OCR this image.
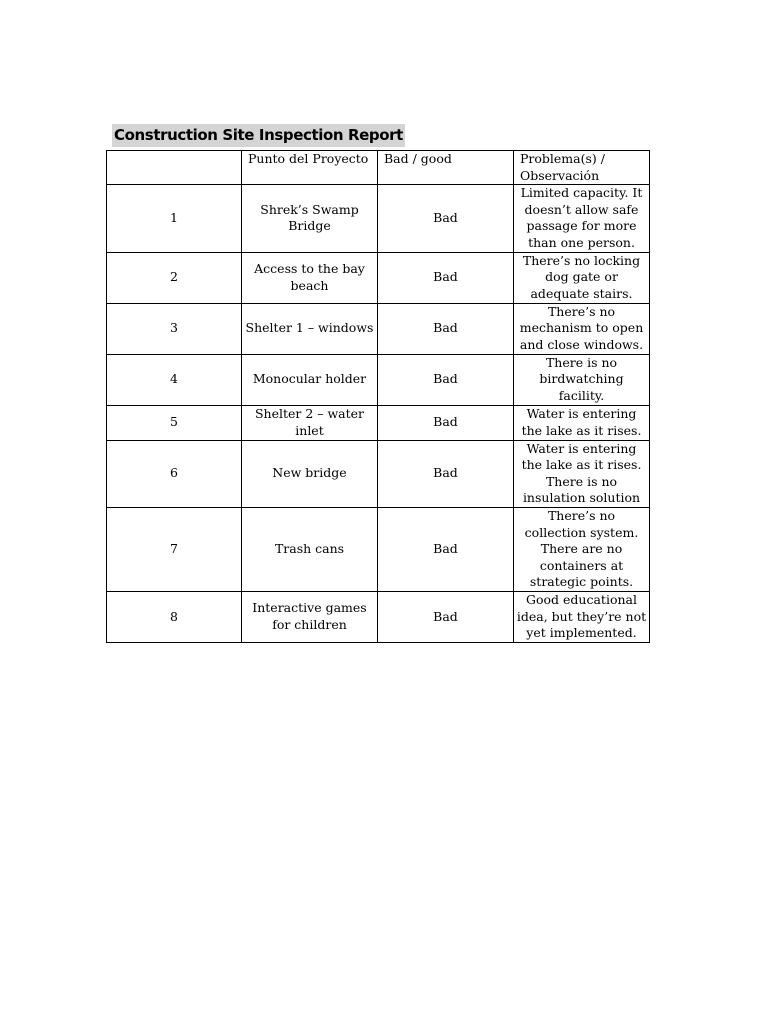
Construction Site Inspection Report
	Punto del Proyecto	Bad / good	Problema(s) / Observación
1	Shrek’s Swamp Bridge	Bad	Limited capacity. It doesn’t allow safe passage for more than one person.
2	Access to the bay beach	Bad	There’s no locking dog gate or adequate stairs.
3	Shelter 1 – windows	Bad	There’s no mechanism to open and close windows.
4	Monocular holder	Bad	There is no birdwatching facility.
5	Shelter 2 – water inlet	Bad	Water is entering the lake as it rises.
6	New bridge	Bad	Water is entering the lake as it rises. There is no insulation solution
7	Trash cans	Bad	There’s no collection system. There are no containers at strategic points.
8	Interactive games for children	Bad	Good educational idea, but they’re not yet implemented.
